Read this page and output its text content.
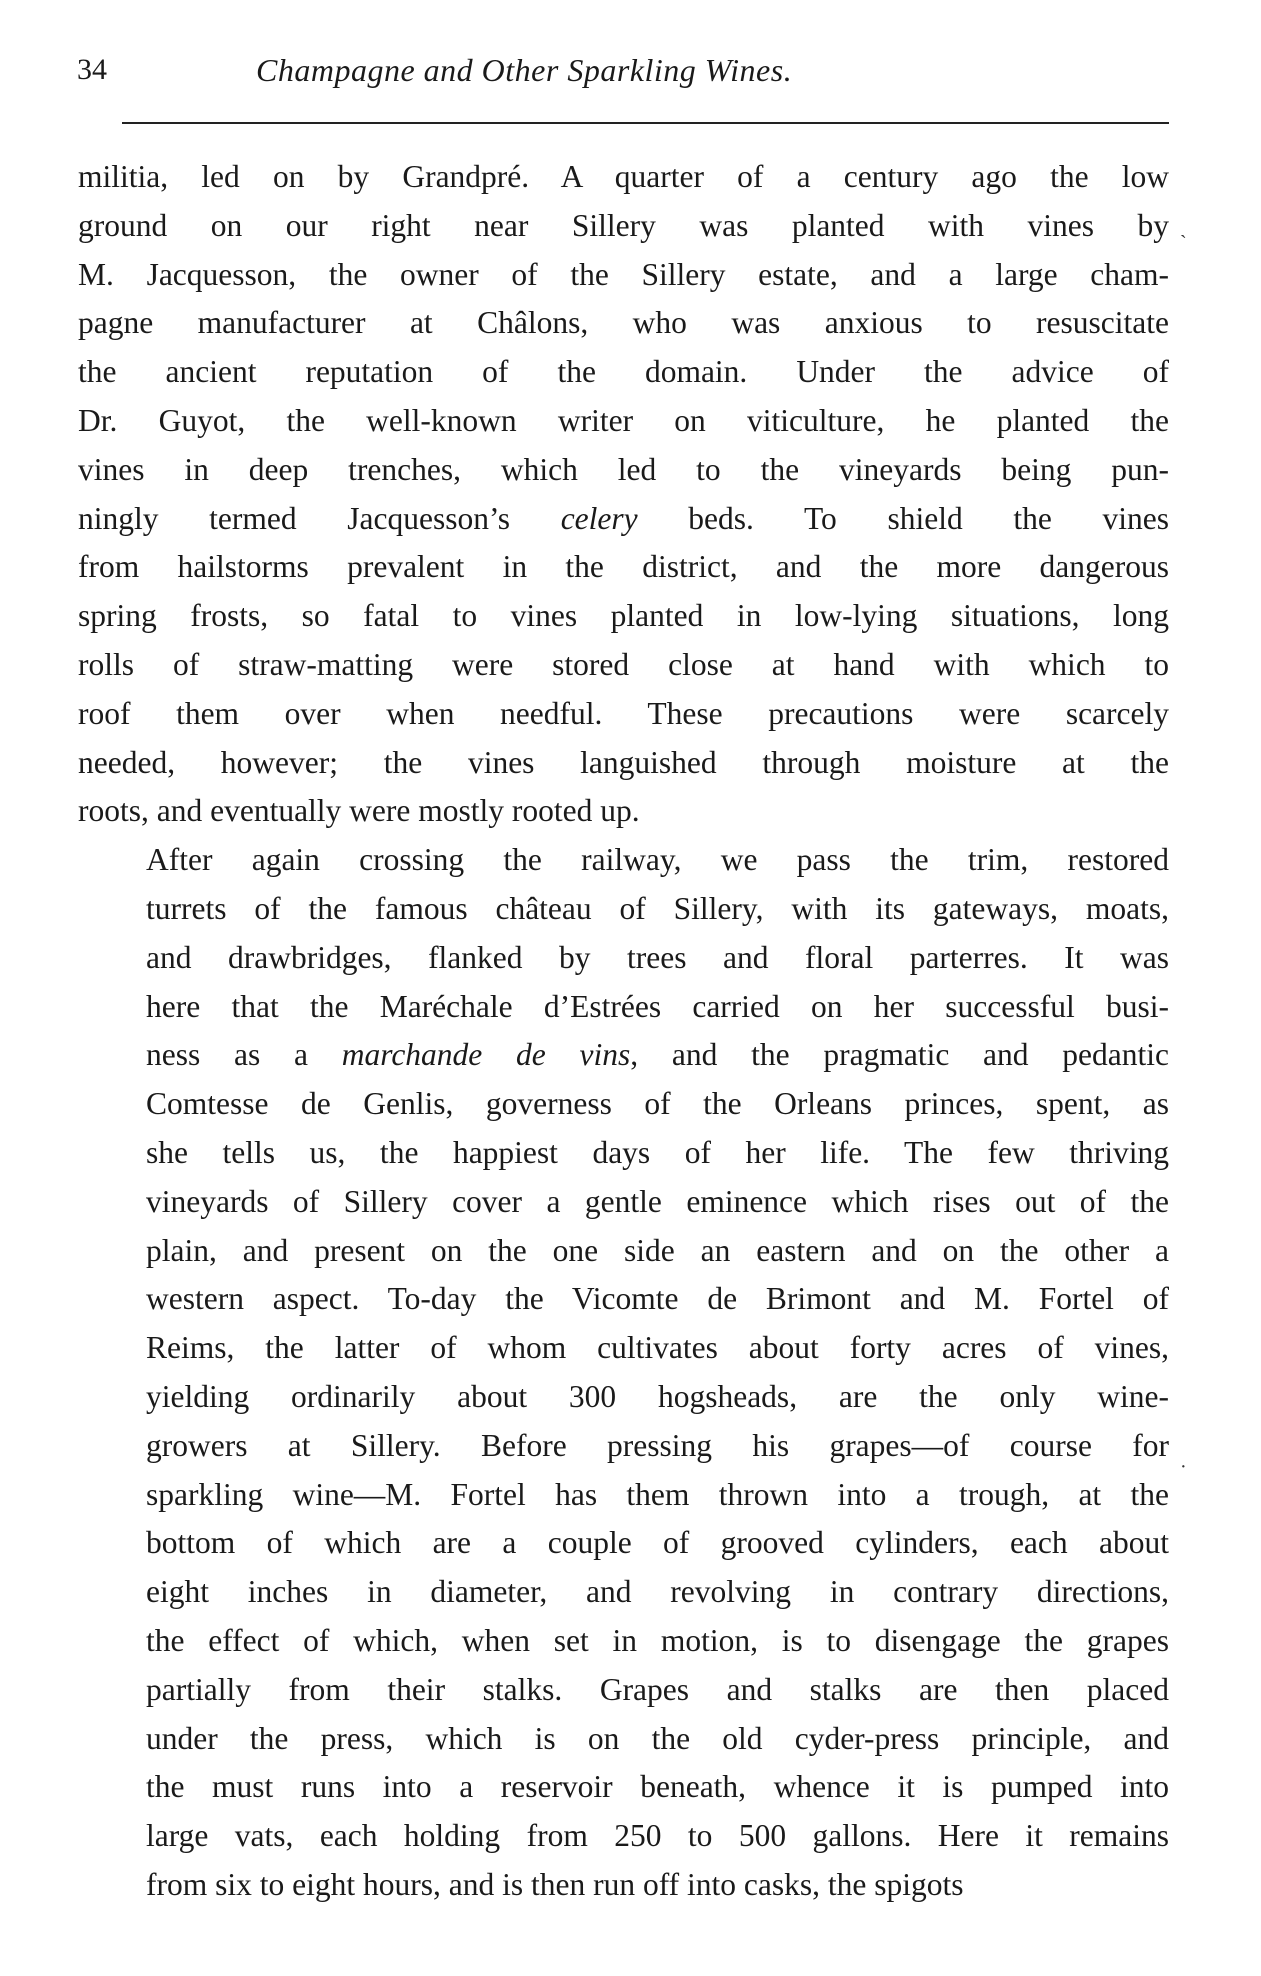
34	Champagne and Other Sparkling Wines.

militia, led on by Grandpré. A quarter of a century ago the low
ground on our right near Sillery was planted with vines by
M. Jacquesson, the owner of the Sillery estate, and a large cham-
pagne manufacturer at Châlons, who was anxious to resuscitate
the ancient reputation of the domain. Under the advice of
Dr. Guyot, the well-known writer on viticulture, he planted the
vines in deep trenches, which led to the vineyards being pun-
ningly termed Jacquesson’s celery beds. To shield the vines
from hailstorms prevalent in the district, and the more dangerous
spring frosts, so fatal to vines planted in low-lying situations, long
rolls of straw-matting were stored close at hand with which to
roof them over when needful. These precautions were scarcely
needed, however; the vines languished through moisture at the
roots, and eventually were mostly rooted up.

After again crossing the railway, we pass the trim, restored
turrets of the famous château of Sillery, with its gateways, moats,
and drawbridges, flanked by trees and floral parterres. It was
here that the Maréchale d’Estrées carried on her successful busi-
ness as a marchande de vins, and the pragmatic and pedantic
Comtesse de Genlis, governess of the Orleans princes, spent, as
she tells us, the happiest days of her life. The few thriving
vineyards of Sillery cover a gentle eminence which rises out of the
plain, and present on the one side an eastern and on the other a
western aspect. To-day the Vicomte de Brimont and M. Fortel of
Reims, the latter of whom cultivates about forty acres of vines,
yielding ordinarily about 300 hogsheads, are the only wine-
growers at Sillery. Before pressing his grapes—of course for
sparkling wine—M. Fortel has them thrown into a trough, at the
bottom of which are a couple of grooved cylinders, each about
eight inches in diameter, and revolving in contrary directions,
the effect of which, when set in motion, is to disengage the grapes
partially from their stalks. Grapes and stalks are then placed
under the press, which is on the old cyder-press principle, and
the must runs into a reservoir beneath, whence it is pumped into
large vats, each holding from 250 to 500 gallons. Here it remains
from six to eight hours, and is then run off into casks, the spigots

ˋ
·
